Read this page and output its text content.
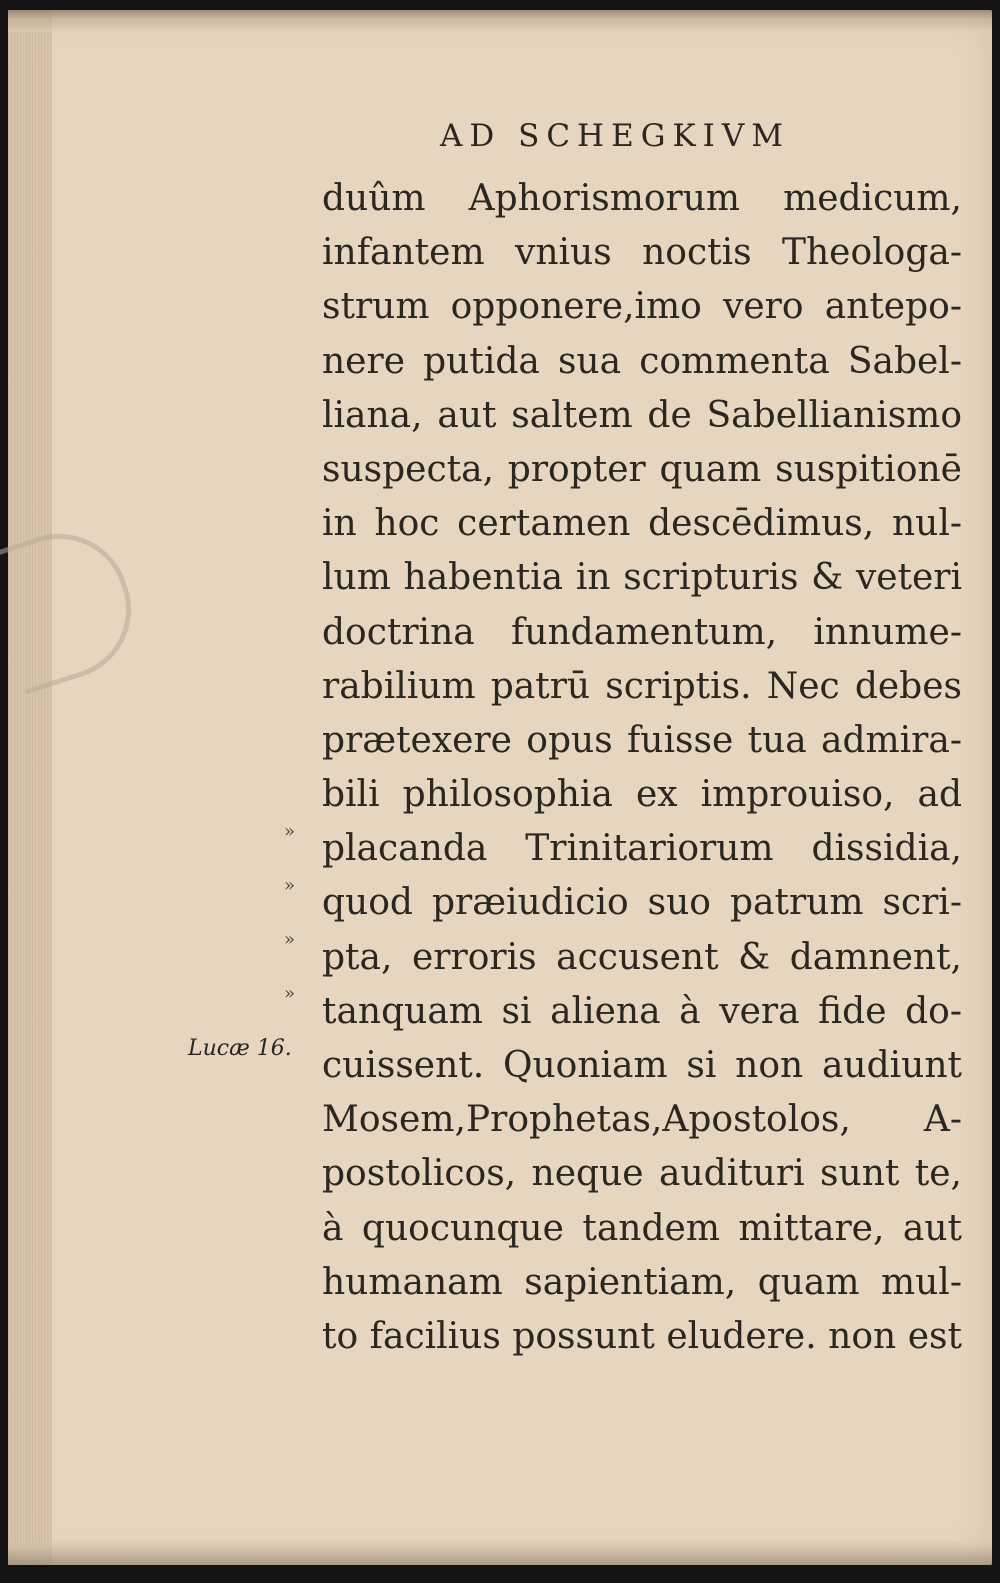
AD SCHEGKIVM
duûm Aphorismorum medicum,
infantem vnius noctis Theologa-
strum opponere,imo vero antepo-
nere putida sua commenta Sabel-
liana, aut saltem de Sabellianismo
suspecta, propter quam suspitionē
in hoc certamen descēdimus, nul-
lum habentia in scripturis & veteri
doctrina fundamentum, innume-
rabilium patrū scriptis. Nec debes
prætexere opus fuisse tua admira-
bili philosophia ex improuiso, ad
placanda Trinitariorum dissidia,
quod præiudicio suo patrum scri-
pta, erroris accusent & damnent,
tanquam si aliena à vera fide do-
cuissent. Quoniam si non audiunt
Mosem,Prophetas,Apostolos, A-
postolicos, neque audituri sunt te,
à quocunque tandem mittare, aut
humanam sapientiam, quam mul-
to facilius possunt eludere. non est
»
»
»
»
Lucæ 16.
